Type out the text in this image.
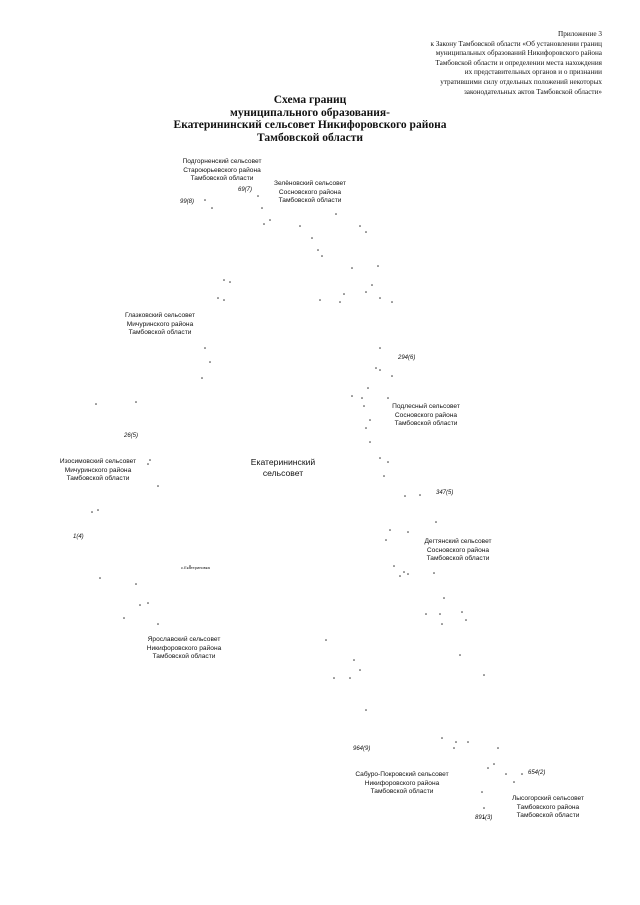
Приложение 3
к Закону Тамбовской области «Об установлении границ
муниципальных образований Никифоровского района
Тамбовской области и определении места нахождения
их представительных органов и о признании
утратившими силу отдельных положений некоторых
законодательных актов Тамбовской области»
Схема границ
муниципального образования-
Екатерининский сельсовет Никифоровского района
Тамбовской области
Подгорненский сельсовет
Староюрьевского района
Тамбовской области
Зелёновский сельсовет
Сосновского района
Тамбовской области
Глазковский сельсовет
Мичуринского района
Тамбовской области
Подлесный сельсовет
Сосновского района
Тамбовской области
Изосимовский сельсовет
Мичуринского района
Тамбовской области
Дегтянский сельсовет
Сосновского района
Тамбовской области
Ярославский сельсовет
Никифоровского района
Тамбовской области
Сабуро-Покровский сельсовет
Никифоровского района
Тамбовской области
Лысогорский сельсовет
Тамбовского района
Тамбовской области
Екатерининский
сельсовет
с.Екатериновка
99(8)
69(7)
294(6)
26(5)
347(5)
1(4)
964(9)
654(2)
891(3)
